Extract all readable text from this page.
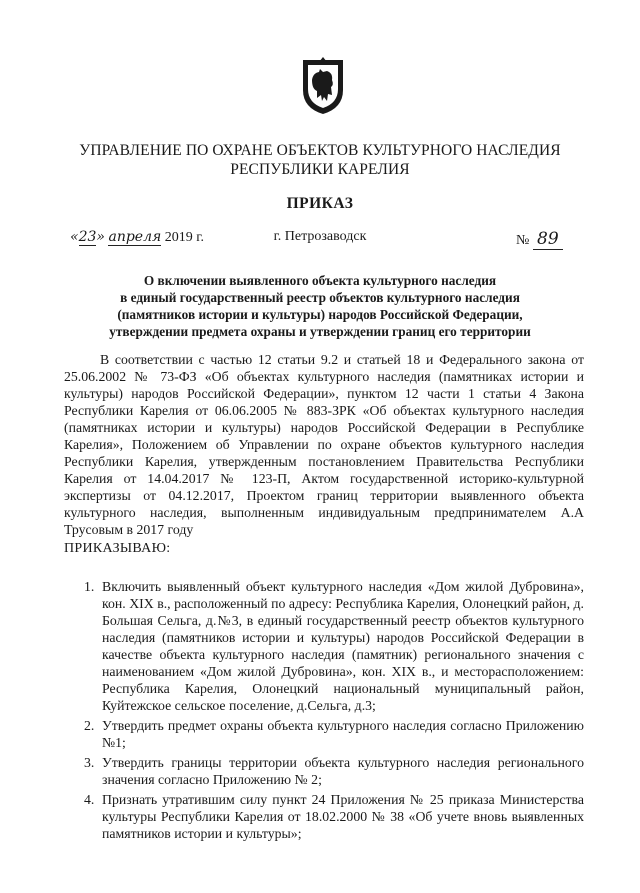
УПРАВЛЕНИЕ ПО ОХРАНЕ ОБЪЕКТОВ КУЛЬТУРНОГО НАСЛЕДИЯ
РЕСПУБЛИКИ КАРЕЛИЯ
ПРИКАЗ
«23» апреля 2019 г.	г. Петрозаводск	№ 89
О включении выявленного объекта культурного наследия
в единый государственный реестр объектов культурного наследия
(памятников истории и культуры) народов Российской Федерации,
утверждении предмета охраны и утверждении границ его территории
В соответствии с частью 12 статьи 9.2 и статьей 18 и Федерального закона от 25.06.2002 № 73-ФЗ «Об объектах культурного наследия (памятниках истории и культуры) народов Российской Федерации», пунктом 12 части 1 статьи 4 Закона Республики Карелия от 06.06.2005 № 883-ЗРК «Об объектах культурного наследия (памятниках истории и культуры) народов Российской Федерации в Республике Карелия», Положением об Управлении по охране объектов культурного наследия Республики Карелия, утвержденным постановлением Правительства Республики Карелия от 14.04.2017 № 123-П, Актом государственной историко-культурной экспертизы от 04.12.2017, Проектом границ территории выявленного объекта культурного наследия, выполненным индивидуальным предпринимателем А.А Трусовым в 2017 году
ПРИКАЗЫВАЮ:
1. Включить выявленный объект культурного наследия «Дом жилой Дубровина», кон. XIX в., расположенный по адресу: Республика Карелия, Олонецкий район, д. Большая Сельга, д.№3, в единый государственный реестр объектов культурного наследия (памятников истории и культуры) народов Российской Федерации в качестве объекта культурного наследия (памятник) регионального значения с наименованием «Дом жилой Дубровина», кон. XIX в., и месторасположением: Республика Карелия, Олонецкий национальный муниципальный район, Куйтежское сельское поселение, д.Сельга, д.3;
2. Утвердить предмет охраны объекта культурного наследия согласно Приложению №1;
3. Утвердить границы территории объекта культурного наследия регионального значения согласно Приложению № 2;
4. Признать утратившим силу пункт 24 Приложения № 25 приказа Министерства культуры Республики Карелия от 18.02.2000 № 38 «Об учете вновь выявленных памятников истории и культуры»;
